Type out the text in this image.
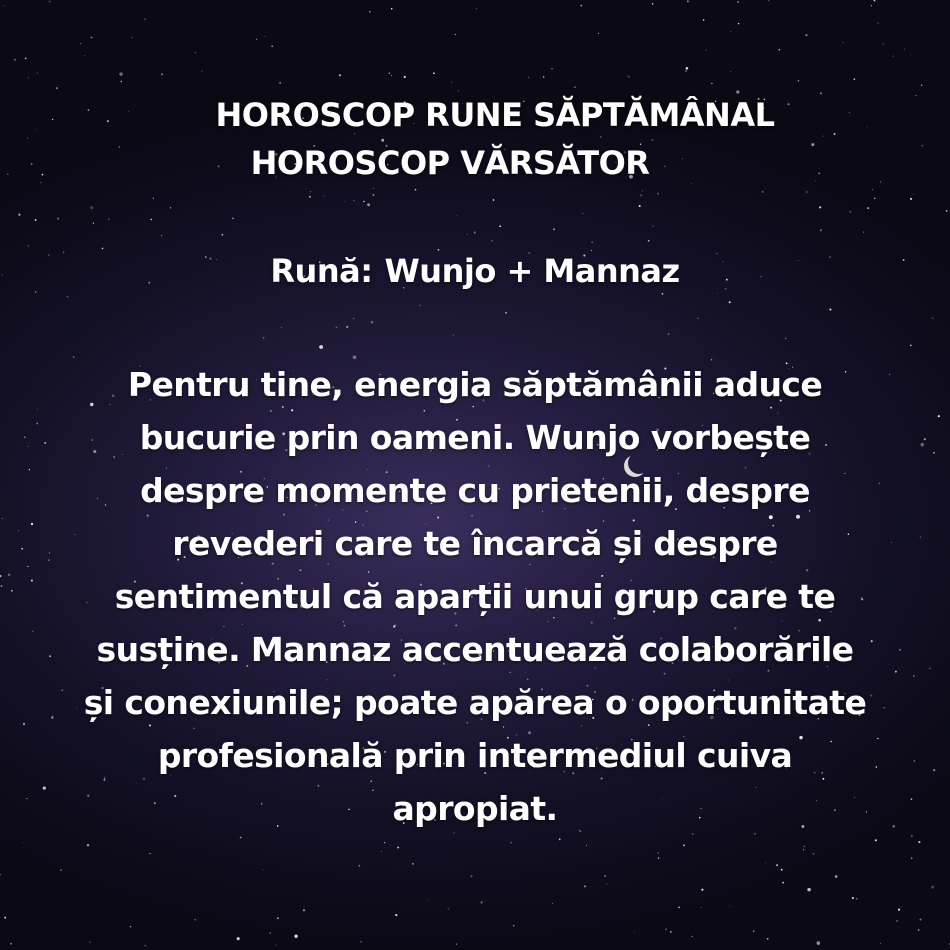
HOROSCOP RUNE SĂPTĂMÂNAL
HOROSCOP VĂRSĂTOR
Rună: Wunjo + Mannaz
Pentru tine, energia săptămânii aduce
bucurie prin oameni. Wunjo vorbește
despre momente cu prietenii, despre
revederi care te încarcă și despre
sentimentul că aparții unui grup care te
susține. Mannaz accentuează colaborările
și conexiunile; poate apărea o oportunitate
profesională prin intermediul cuiva
apropiat.
